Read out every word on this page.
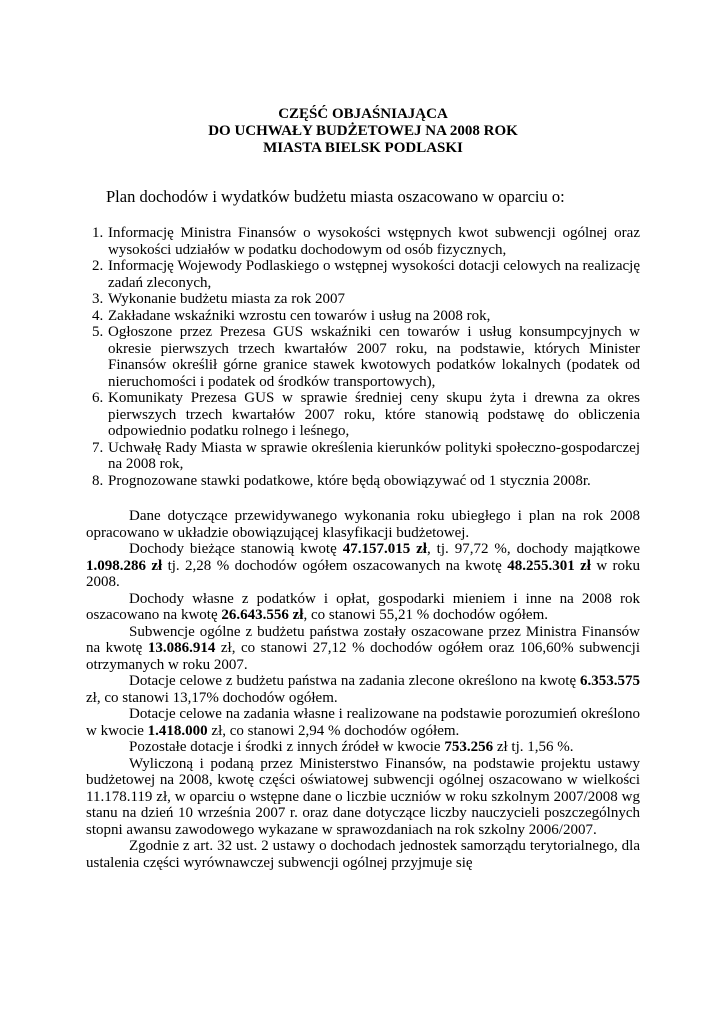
CZĘŚĆ OBJAŚNIAJĄCA

DO UCHWAŁY BUDŻETOWEJ NA 2008 ROK

MIASTA BIELSK PODLASKI

Plan dochodów i wydatków budżetu miasta oszacowano w oparciu o:

1. Informację Ministra Finansów o wysokości wstępnych kwot subwencji ogólnej oraz wysokości udziałów w podatku dochodowym od osób fizycznych,
2. Informację Wojewody Podlaskiego o wstępnej wysokości dotacji celowych na realizację zadań zleconych,
3. Wykonanie budżetu miasta za rok 2007
4. Zakładane wskaźniki wzrostu cen towarów i usług na 2008 rok,
5. Ogłoszone przez Prezesa GUS wskaźniki cen towarów i usług konsumpcyjnych w okresie pierwszych trzech kwartałów 2007 roku, na podstawie, których Minister Finansów określił górne granice stawek kwotowych podatków lokalnych (podatek od nieruchomości i podatek od środków transportowych),
6. Komunikaty Prezesa GUS w sprawie średniej ceny skupu żyta i drewna za okres pierwszych trzech kwartałów 2007 roku, które stanowią podstawę do obliczenia odpowiednio podatku rolnego i leśnego,
7. Uchwałę Rady Miasta w sprawie określenia kierunków polityki społeczno-gospodarczej na 2008 rok,
8. Prognozowane stawki podatkowe, które będą obowiązywać od 1 stycznia 2008r.

Dane dotyczące przewidywanego wykonania roku ubiegłego i plan na rok 2008 opracowano w układzie obowiązującej klasyfikacji budżetowej.

Dochody bieżące stanowią kwotę 47.157.015 zł, tj. 97,72 %, dochody majątkowe 1.098.286 zł tj. 2,28 % dochodów ogółem oszacowanych na kwotę 48.255.301 zł w roku 2008.

Dochody własne z podatków i opłat, gospodarki mieniem i inne na 2008 rok oszacowano na kwotę 26.643.556 zł, co stanowi 55,21 % dochodów ogółem.

Subwencje ogólne z budżetu państwa zostały oszacowane przez Ministra Finansów na kwotę 13.086.914 zł, co stanowi 27,12 % dochodów ogółem oraz 106,60% subwencji otrzymanych w roku 2007.

Dotacje celowe z budżetu państwa na zadania zlecone określono na kwotę 6.353.575 zł, co stanowi 13,17% dochodów ogółem.

Dotacje celowe na zadania własne i realizowane na podstawie porozumień określono w kwocie 1.418.000 zł, co stanowi 2,94 % dochodów ogółem.

Pozostałe dotacje i środki z innych źródeł w kwocie 753.256 zł tj. 1,56 %.

Wyliczoną i podaną przez Ministerstwo Finansów, na podstawie projektu ustawy budżetowej na 2008, kwotę części oświatowej subwencji ogólnej oszacowano w wielkości 11.178.119 zł, w oparciu o wstępne dane o liczbie uczniów w roku szkolnym 2007/2008 wg stanu na dzień 10 września 2007 r. oraz dane dotyczące liczby nauczycieli poszczególnych stopni awansu zawodowego wykazane w sprawozdaniach na rok szkolny 2006/2007.

Zgodnie z art. 32 ust. 2 ustawy o dochodach jednostek samorządu terytorialnego, dla ustalenia części wyrównawczej subwencji ogólnej przyjmuje się
